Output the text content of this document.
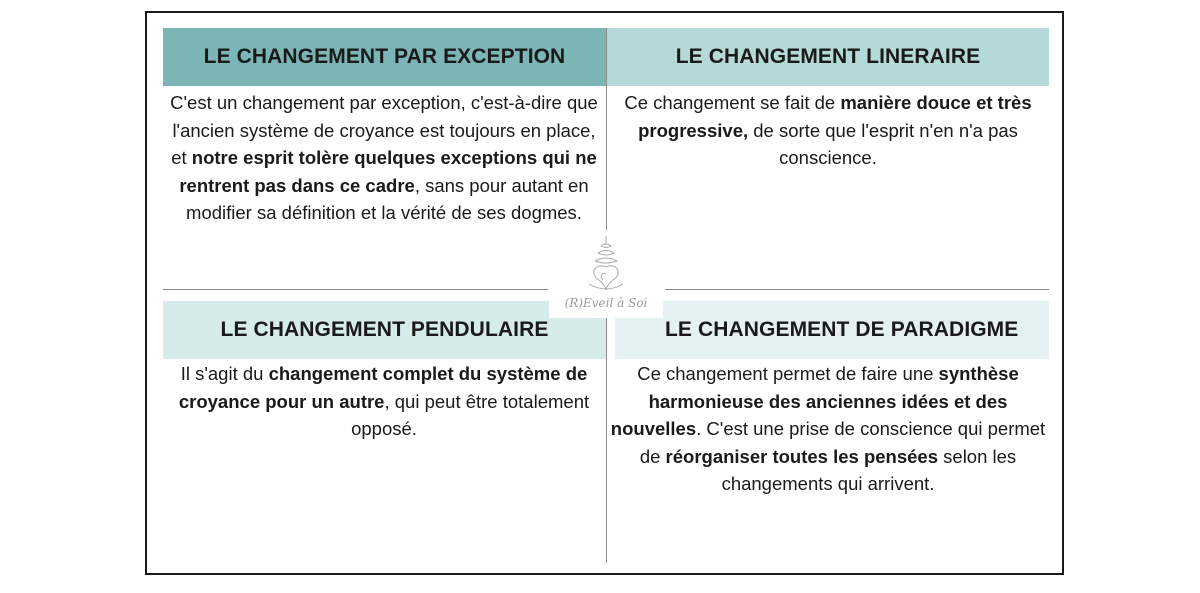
LE CHANGEMENT PAR EXCEPTION	LE CHANGEMENT LINERAIRE
LE CHANGEMENT PENDULAIRE	LE CHANGEMENT DE PARADIGME
C'est un changement par exception, c'est-à-dire que l'ancien système de croyance est toujours en place, et notre esprit tolère quelques exceptions qui ne rentrent pas dans ce cadre, sans pour autant en modifier sa définition et la vérité de ses dogmes.
Ce changement se fait de manière douce et très progressive, de sorte que l'esprit n'en n'a pas conscience.
Il s'agit du changement complet du système de croyance pour un autre, qui peut être totalement opposé.
Ce changement permet de faire une synthèse harmonieuse des anciennes idées et des nouvelles. C'est une prise de conscience qui permet de réorganiser toutes les pensées selon les changements qui arrivent.
(R)Eveil à Soi
